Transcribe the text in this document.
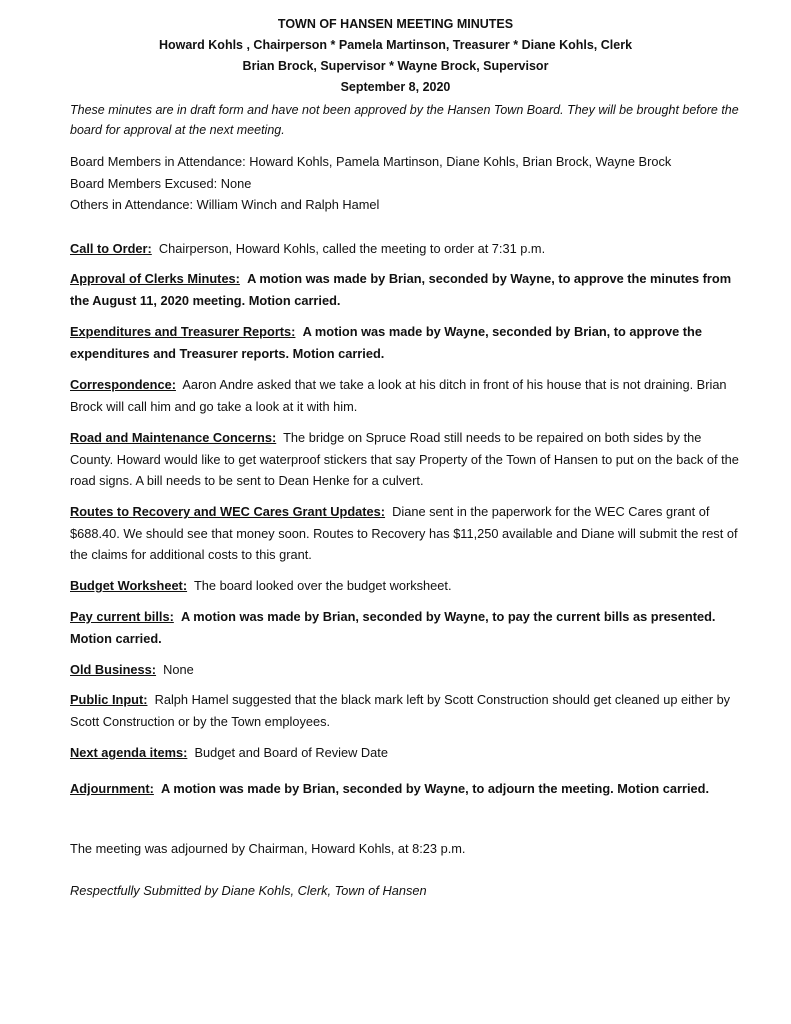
TOWN OF HANSEN MEETING MINUTES
Howard Kohls , Chairperson * Pamela Martinson, Treasurer * Diane Kohls, Clerk
Brian Brock, Supervisor * Wayne Brock, Supervisor
September 8, 2020
These minutes are in draft form and have not been approved by the Hansen Town Board. They will be brought before the board for approval at the next meeting.
Board Members in Attendance: Howard Kohls, Pamela Martinson, Diane Kohls, Brian Brock, Wayne Brock
Board Members Excused: None
Others in Attendance: William Winch and Ralph Hamel
Call to Order: Chairperson, Howard Kohls, called the meeting to order at 7:31 p.m.
Approval of Clerks Minutes: A motion was made by Brian, seconded by Wayne, to approve the minutes from the August 11, 2020 meeting. Motion carried.
Expenditures and Treasurer Reports: A motion was made by Wayne, seconded by Brian, to approve the expenditures and Treasurer reports. Motion carried.
Correspondence: Aaron Andre asked that we take a look at his ditch in front of his house that is not draining. Brian Brock will call him and go take a look at it with him.
Road and Maintenance Concerns: The bridge on Spruce Road still needs to be repaired on both sides by the County. Howard would like to get waterproof stickers that say Property of the Town of Hansen to put on the back of the road signs. A bill needs to be sent to Dean Henke for a culvert.
Routes to Recovery and WEC Cares Grant Updates: Diane sent in the paperwork for the WEC Cares grant of $688.40. We should see that money soon. Routes to Recovery has $11,250 available and Diane will submit the rest of the claims for additional costs to this grant.
Budget Worksheet: The board looked over the budget worksheet.
Pay current bills: A motion was made by Brian, seconded by Wayne, to pay the current bills as presented. Motion carried.
Old Business: None
Public Input: Ralph Hamel suggested that the black mark left by Scott Construction should get cleaned up either by Scott Construction or by the Town employees.
Next agenda items: Budget and Board of Review Date
Adjournment: A motion was made by Brian, seconded by Wayne, to adjourn the meeting. Motion carried.
The meeting was adjourned by Chairman, Howard Kohls, at 8:23 p.m.
Respectfully Submitted by Diane Kohls, Clerk, Town of Hansen
